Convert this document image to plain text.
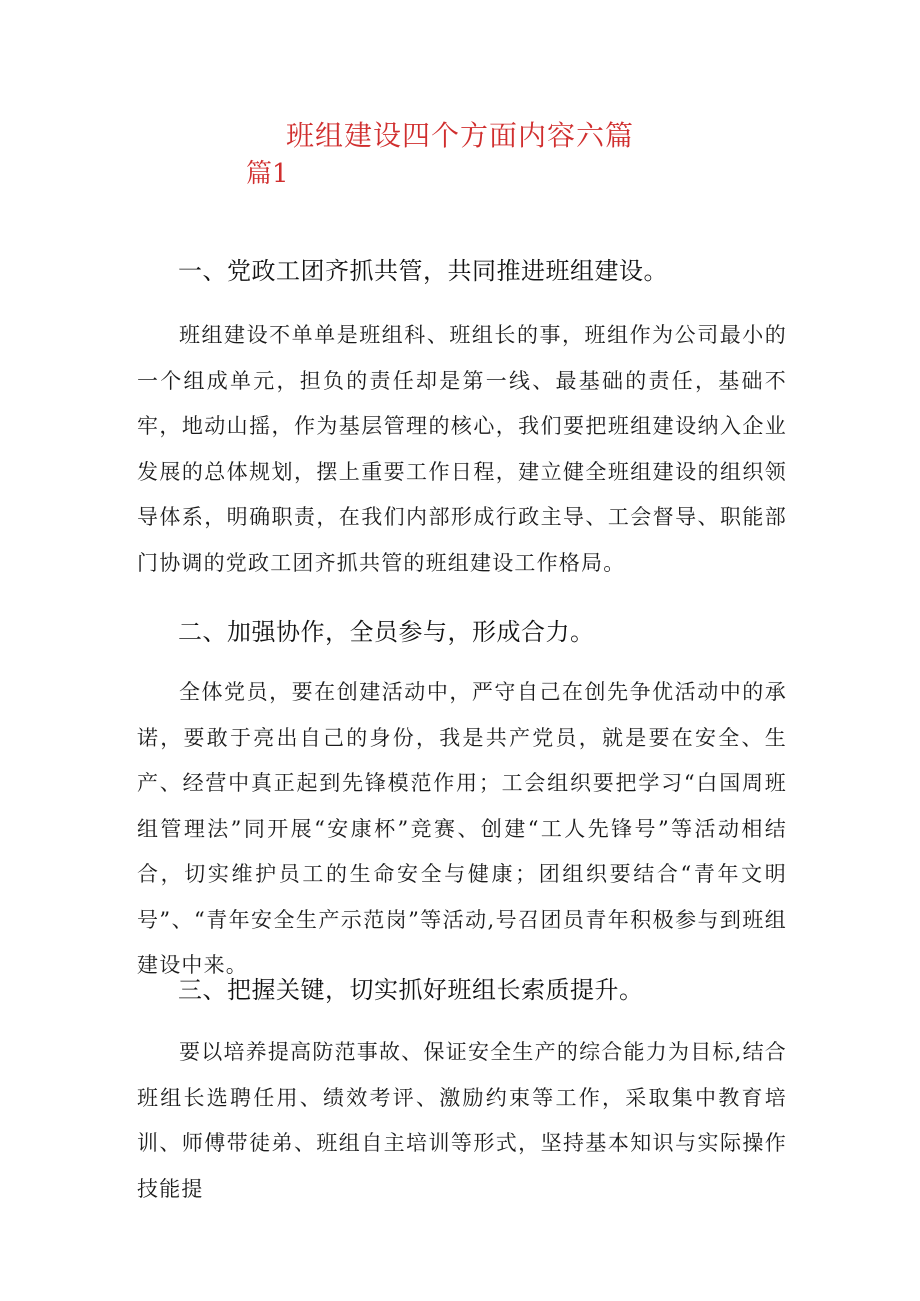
班组建设四个方面内容六篇
篇1
一、党政工团齐抓共管，共同推进班组建设。

班组建设不单单是班组科、班组长的事，班组作为公司最小的一个组成单元，担负的责任却是第一线、最基础的责任，基础不牢，地动山摇，作为基层管理的核心，我们要把班组建设纳入企业发展的总体规划，摆上重要工作日程，建立健全班组建设的组织领导体系，明确职责，在我们内部形成行政主导、工会督导、职能部门协调的党政工团齐抓共管的班组建设工作格局。

二、加强协作，全员参与，形成合力。

全体党员，要在创建活动中，严守自己在创先争优活动中的承诺，要敢于亮出自己的身份，我是共产党员，就是要在安全、生产、经营中真正起到先锋模范作用；工会组织要把学习“白国周班组管理法”同开展“安康杯”竞赛、创建“工人先锋号”等活动相结合，切实维护员工的生命安全与健康；团组织要结合“青年文明号”、“青年安全生产示范岗”等活动,号召团员青年积极参与到班组建设中来。

三、把握关键，切实抓好班组长索质提升。

要以培养提高防范事故、保证安全生产的综合能力为目标,结合班组长选聘任用、绩效考评、激励约束等工作，采取集中教育培训、师傅带徒弟、班组自主培训等形式，坚持基本知识与实际操作技能提
